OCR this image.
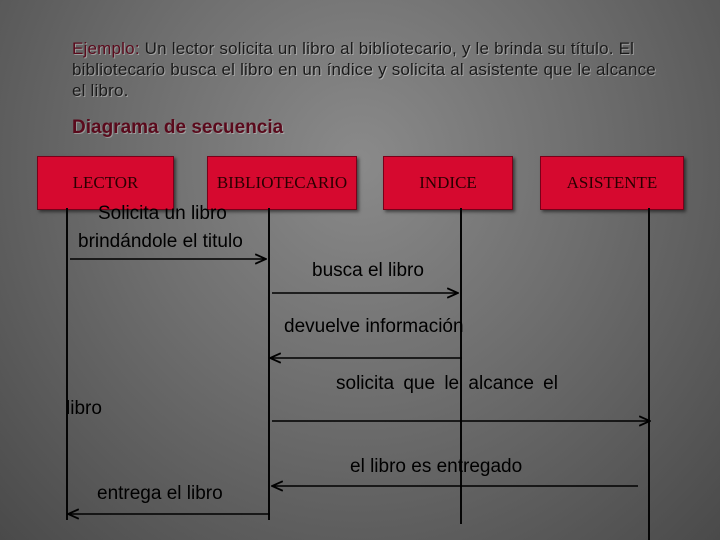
Ejemplo: Un lector solicita un libro al bibliotecario, y le brinda su título. El bibliotecario busca el libro en un índice y solicita al asistente que le alcance el libro.

Diagrama de secuencia
LECTOR	BIBLIOTECARIO	INDICE	ASISTENTE

Solicita un libro

brindándole el titulo

busca el libro

devuelve información

solicita que le alcance el

libro

el libro es entregado

entrega el libro
